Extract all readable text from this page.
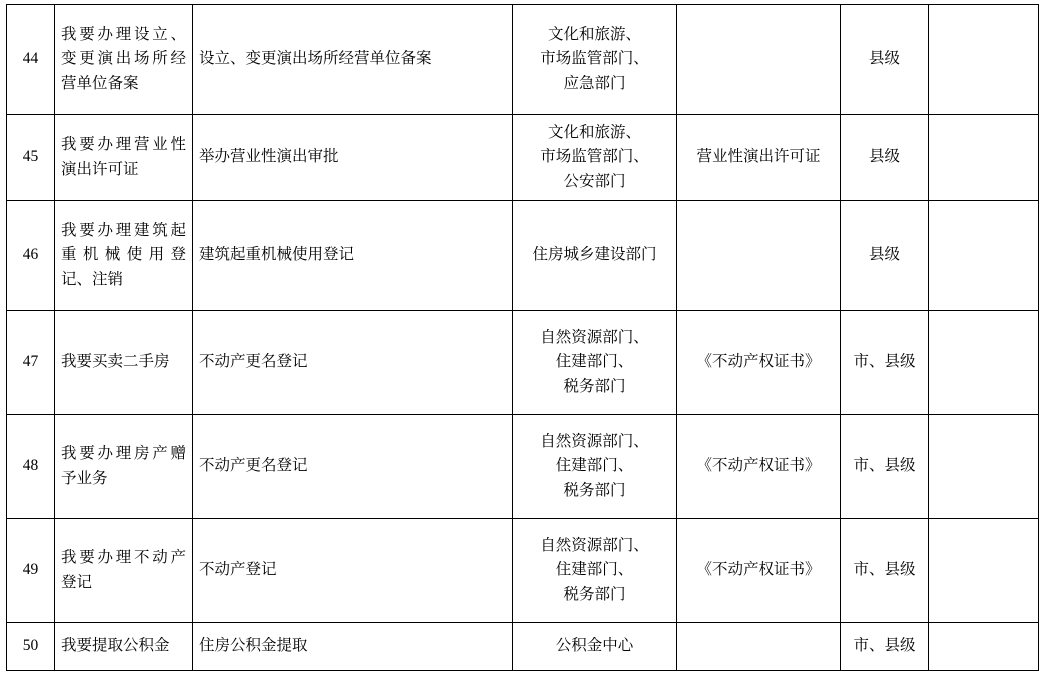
44	我要办理设立、
变更演出场所经
营单位备案	设立、变更演出场所经营单位备案	文化和旅游、
市场监管部门、
应急部门		县级	
45	我要办理营业性
演出许可证	举办营业性演出审批	文化和旅游、
市场监管部门、
公安部门	营业性演出许可证	县级	
46	我要办理建筑起
重机械使用登
记、注销	建筑起重机械使用登记	住房城乡建设部门		县级	
47	我要买卖二手房	不动产更名登记	自然资源部门、
住建部门、
税务部门	《不动产权证书》	市、县级	
48	我要办理房产赠
予业务	不动产更名登记	自然资源部门、
住建部门、
税务部门	《不动产权证书》	市、县级	
49	我要办理不动产
登记	不动产登记	自然资源部门、
住建部门、
税务部门	《不动产权证书》	市、县级	
50	我要提取公积金	住房公积金提取	公积金中心		市、县级	
